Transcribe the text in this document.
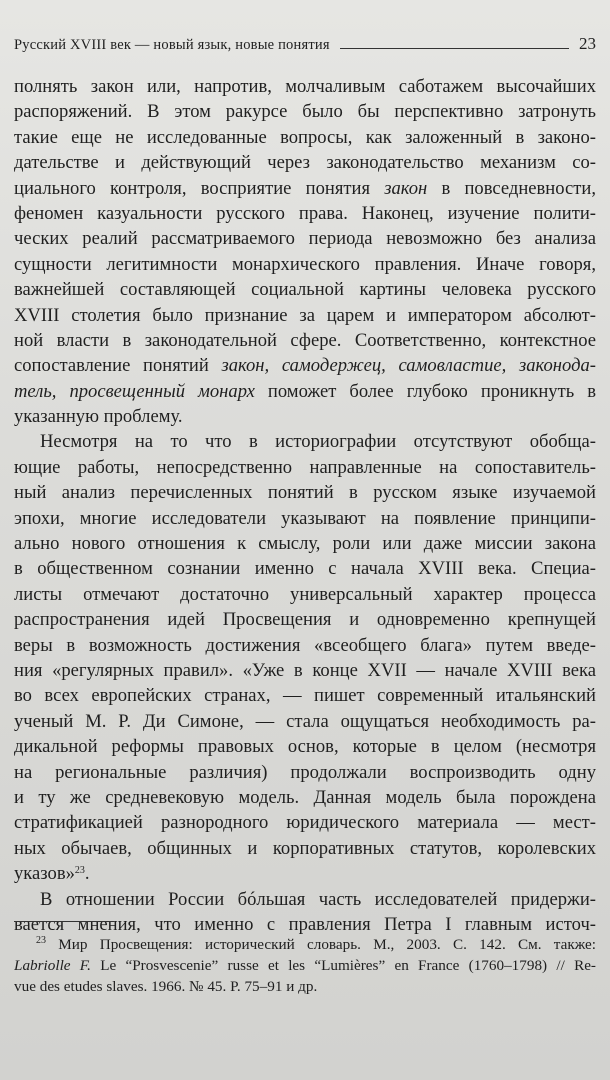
Русский XVIII век — новый язык, новые понятия	23
полнять закон или, напротив, молчаливым саботажем высочайших
распоряжений. В этом ракурсе было бы перспективно затронуть
такие еще не исследованные вопросы, как заложенный в законо-
дательстве и действующий через законодательство механизм со-
циального контроля, восприятие понятия закон в повседневности,
феномен казуальности русского права. Наконец, изучение полити-
ческих реалий рассматриваемого периода невозможно без анализа
сущности легитимности монархического правления. Иначе говоря,
важнейшей составляющей социальной картины человека русского
XVIII столетия было признание за царем и императором абсолют-
ной власти в законодательной сфере. Соответственно, контекстное
сопоставление понятий закон, самодержец, самовластие, законода-
тель, просвещенный монарх поможет более глубоко проникнуть в
указанную проблему.
Несмотря на то что в историографии отсутствуют обобща-
ющие работы, непосредственно направленные на сопоставитель-
ный анализ перечисленных понятий в русском языке изучаемой
эпохи, многие исследователи указывают на появление принципи-
ально нового отношения к смыслу, роли или даже миссии закона
в общественном сознании именно с начала XVIII века. Специа-
листы отмечают достаточно универсальный характер процесса
распространения идей Просвещения и одновременно крепнущей
веры в возможность достижения «всеобщего блага» путем введе-
ния «регулярных правил». «Уже в конце XVII — начале XVIII века
во всех европейских странах, — пишет современный итальянский
ученый М. Р. Ди Симоне, — стала ощущаться необходимость ра-
дикальной реформы правовых основ, которые в целом (несмотря
на региональные различия) продолжали воспроизводить одну
и ту же средневековую модель. Данная модель была порождена
стратификацией разнородного юридического материала — мест-
ных обычаев, общинных и корпоративных статутов, королевских
указов»$^{23}$.
В отношении России бóльшая часть исследователей придержи-
вается мнения, что именно с правления Петра I главным источ-
$^{23}$ Мир Просвещения: исторический словарь. М., 2003. С. 142. См. также:
Labriolle F. Le “Prosvescenie” russe et les “Lumières” en France (1760–1798) // Re-
vue des etudes slaves. 1966. № 45. P. 75–91 и др.
